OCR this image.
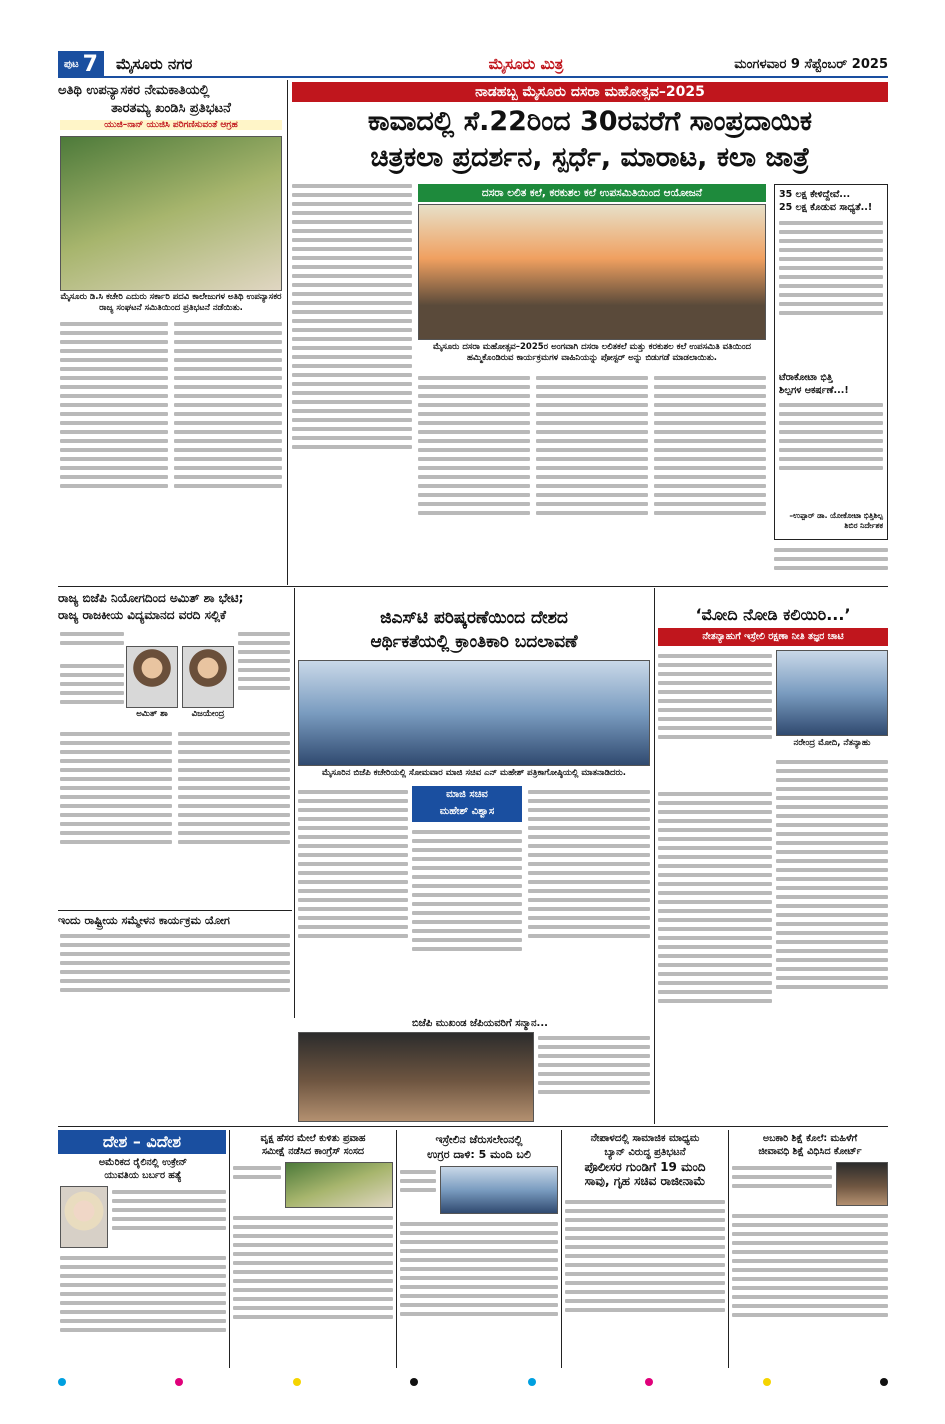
ಪುಟ 7 ಮೈಸೂರು ನಗರ	ಮೈಸೂರು ಮಿತ್ರ	ಮಂಗಳವಾರ 9 ಸೆಪ್ಟೆಂಬರ್ 2025
ಅತಿಥಿ ಉಪನ್ಯಾಸಕರ ನೇಮಕಾತಿಯಲ್ಲಿ
ತಾರತಮ್ಯ ಖಂಡಿಸಿ ಪ್ರತಿಭಟನೆ
ಯುಜಿ–ನಾನ್ ಯುಜಿಸಿ ಪರಿಗಣಿಸುವಂತೆ ಆಗ್ರಹ
ಮೈಸೂರು ಡಿ.ಸಿ ಕಚೇರಿ ಎದುರು ಸರ್ಕಾರಿ ಪದವಿ ಕಾಲೇಜುಗಳ ಅತಿಥಿ ಉಪನ್ಯಾಸಕರ ರಾಜ್ಯ ಸಂಘಟನೆ ಸಮಿತಿಯಿಂದ ಪ್ರತಿಭಟನೆ ನಡೆಯಿತು.
ನಾಡಹಬ್ಬ ಮೈಸೂರು ದಸರಾ ಮಹೋತ್ಸವ–2025
ಕಾವಾದಲ್ಲಿ ಸೆ.22ರಿಂದ 30ರವರೆಗೆ ಸಾಂಪ್ರದಾಯಿಕ
ಚಿತ್ರಕಲಾ ಪ್ರದರ್ಶನ, ಸ್ಪರ್ಧೆ, ಮಾರಾಟ, ಕಲಾ ಜಾತ್ರೆ
ದಸರಾ ಲಲಿತ ಕಲೆ, ಕರಕುಶಲ ಕಲೆ ಉಪಸಮಿತಿಯಿಂದ ಆಯೋಜನೆ
ಮೈಸೂರು ದಸರಾ ಮಹೋತ್ಸವ–2025ರ ಅಂಗವಾಗಿ ದಸರಾ ಲಲಿತಕಲೆ ಮತ್ತು ಕರಕುಶಲ ಕಲೆ ಉಪಸಮಿತಿ ವತಿಯಿಂದ ಹಮ್ಮಿಕೊಂಡಿರುವ ಕಾರ್ಯಕ್ರಮಗಳ ವಾಹಿನಿಯನ್ನು ಪೋಸ್ಟರ್ ಅನ್ನು ಬಿಡುಗಡೆ ಮಾಡಲಾಯಿತು.
35 ಲಕ್ಷ ಕೇಳಿದ್ದೇವೆ...
25 ಲಕ್ಷ ಕೊಡುವ ಸಾಧ್ಯತೆ..!
ಟೆರಾಕೋಟಾ ಭಿತ್ತಿ
ಶಿಲ್ಪಗಳ ಆಕರ್ಷಣೆ...!
–ಉಪ್ಪಾರ್ ಡಾ. ಯೋಕೋಟಾ ಭಿತ್ತಿಶಿಲ್ಪ ಶಿಬಿರ ನಿರ್ದೇಶಕ
ರಾಜ್ಯ ಬಿಜೆಪಿ ನಿಯೋಗದಿಂದ ಅಮಿತ್ ಶಾ ಭೇಟಿ;
ರಾಜ್ಯ ರಾಜಕೀಯ ವಿದ್ಯಮಾನದ ವರದಿ ಸಲ್ಲಿಕೆ
ಅಮಿತ್ ಶಾ	ವಿಜಯೇಂದ್ರ
ಇಂದು ರಾಷ್ಟ್ರೀಯ ಸಮ್ಮೇಳನ ಕಾರ್ಯಕ್ರಮ ಯೋಗ
ಜಿಎಸ್‌ಟಿ ಪರಿಷ್ಕರಣೆಯಿಂದ ದೇಶದ
ಆರ್ಥಿಕತೆಯಲ್ಲಿ ಕ್ರಾಂತಿಕಾರಿ ಬದಲಾವಣೆ
ಮೈಸೂರಿನ ಬಿಜೆಪಿ ಕಚೇರಿಯಲ್ಲಿ ಸೋಮವಾರ ಮಾಜಿ ಸಚಿವ ಎನ್ ಮಹೇಶ್ ಪತ್ರಿಕಾಗೋಷ್ಠಿಯಲ್ಲಿ ಮಾತನಾಡಿದರು.
ಮಾಜಿ ಸಚಿವ
ಮಹೇಶ್ ವಿಶ್ವಾಸ
ಬಿಜೆಪಿ ಮುಖಂಡ ಜೆಪಿಯವರಿಗೆ ಸನ್ಮಾನ...
‘ಮೋದಿ ನೋಡಿ ಕಲಿಯಿರಿ...’
ನೇತನ್ಯಾಹುಗೆ ಇಸ್ರೇಲಿ ರಕ್ಷಣಾ ನೀತಿ ತಜ್ಞರ ಚಾಟಿ
ನರೇಂದ್ರ ಮೋದಿ, ನೆತನ್ಯಾಹು
ದೇಶ – ವಿದೇಶ
ಅಮೆರಿಕದ ರೈಲಿನಲ್ಲಿ ಉಕ್ರೇನ್
ಯುವತಿಯ ಬರ್ಬರ ಹತ್ಯೆ
ವೃಕ್ಷ ಹೆಸರ ಮೇಲೆ ಕುಳಿತು ಪ್ರವಾಹ
ಸಮೀಕ್ಷೆ ನಡೆಸಿದ ಕಾಂಗ್ರೆಸ್ ಸಂಸದ
ಇಸ್ರೇಲಿನ ಜೆರುಸಲೇಂನಲ್ಲಿ
ಉಗ್ರರ ದಾಳಿ: 5 ಮಂದಿ ಬಲಿ
ನೇಪಾಳದಲ್ಲಿ ಸಾಮಾಜಿಕ ಮಾಧ್ಯಮ
ಬ್ಯಾನ್ ವಿರುದ್ಧ ಪ್ರತಿಭಟನೆ
ಪೊಲೀಸರ ಗುಂಡಿಗೆ 19 ಮಂದಿ
ಸಾವು, ಗೃಹ ಸಚಿವ ರಾಜೀನಾಮೆ
ಅಬಕಾರಿ ಶಿಕ್ಷೆ ಕೊಲೆ: ಮಹಿಳೆಗೆ
ಜೀವಾವಧಿ ಶಿಕ್ಷೆ ವಿಧಿಸಿದ ಕೋರ್ಟ್
